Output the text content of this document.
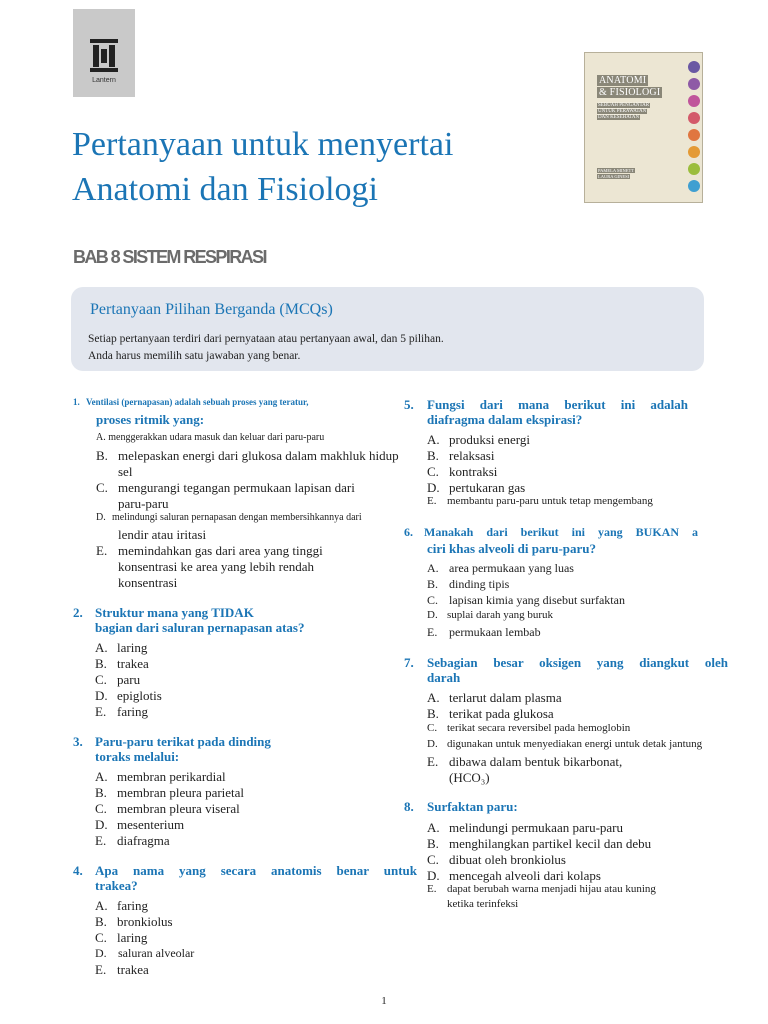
Lantern	ANATOMI
& FISIOLOGI
SEBUAH PENGANTAR
UNTUK PERAWATAN
DAN KESEHATAN
PAMELA MINETT
LAURA GINESI
Pertanyaan untuk menyertai
Anatomi dan Fisiologi
BAB 8 SISTEM RESPIRASI
Pertanyaan Pilihan Berganda (MCQs)
Setiap pertanyaan terdiri dari pernyataan atau pertanyaan awal, dan 5 pilihan.
Anda harus memilih satu jawaban yang benar.
1. Ventilasi (pernapasan) adalah sebuah proses yang teratur,
proses ritmik yang:
A. menggerakkan udara masuk dan keluar dari paru-paru
B. melepaskan energi dari glukosa dalam makhluk hidup
sel
C. mengurangi tegangan permukaan lapisan dari
paru-paru
D. melindungi saluran pernapasan dengan membersihkannya dari
lendir atau iritasi
E. memindahkan gas dari area yang tinggi
konsentrasi ke area yang lebih rendah
konsentrasi
2. Struktur mana yang TIDAK
bagian dari saluran pernapasan atas?
A. laring
B. trakea
C. paru
D. epiglotis
E. faring
3. Paru-paru terikat pada dinding
toraks melalui:
A. membran perikardial
B. membran pleura parietal
C. membran pleura viseral
D. mesenterium
E. diafragma
4. Apa nama yang secara anatomis benar untuk
trakea?
A. faring
B. bronkiolus
C. laring
D. saluran alveolar
E. trakea
5. Fungsi dari mana berikut ini adalah
diafragma dalam ekspirasi?
A. produksi energi
B. relaksasi
C. kontraksi
D. pertukaran gas
E. membantu paru-paru untuk tetap mengembang
6. Manakah dari berikut ini yang BUKAN a
ciri khas alveoli di paru-paru?
A. area permukaan yang luas
B. dinding tipis
C. lapisan kimia yang disebut surfaktan
D. suplai darah yang buruk
E. permukaan lembab
7. Sebagian besar oksigen yang diangkut oleh
darah
A. terlarut dalam plasma
B. terikat pada glukosa
C. terikat secara reversibel pada hemoglobin
D. digunakan untuk menyediakan energi untuk detak jantung
E. dibawa dalam bentuk bikarbonat,
(HCO₃)
8. Surfaktan paru:
A. melindungi permukaan paru-paru
B. menghilangkan partikel kecil dan debu
C. dibuat oleh bronkiolus
D. mencegah alveoli dari kolaps
E. dapat berubah warna menjadi hijau atau kuning
ketika terinfeksi
1
